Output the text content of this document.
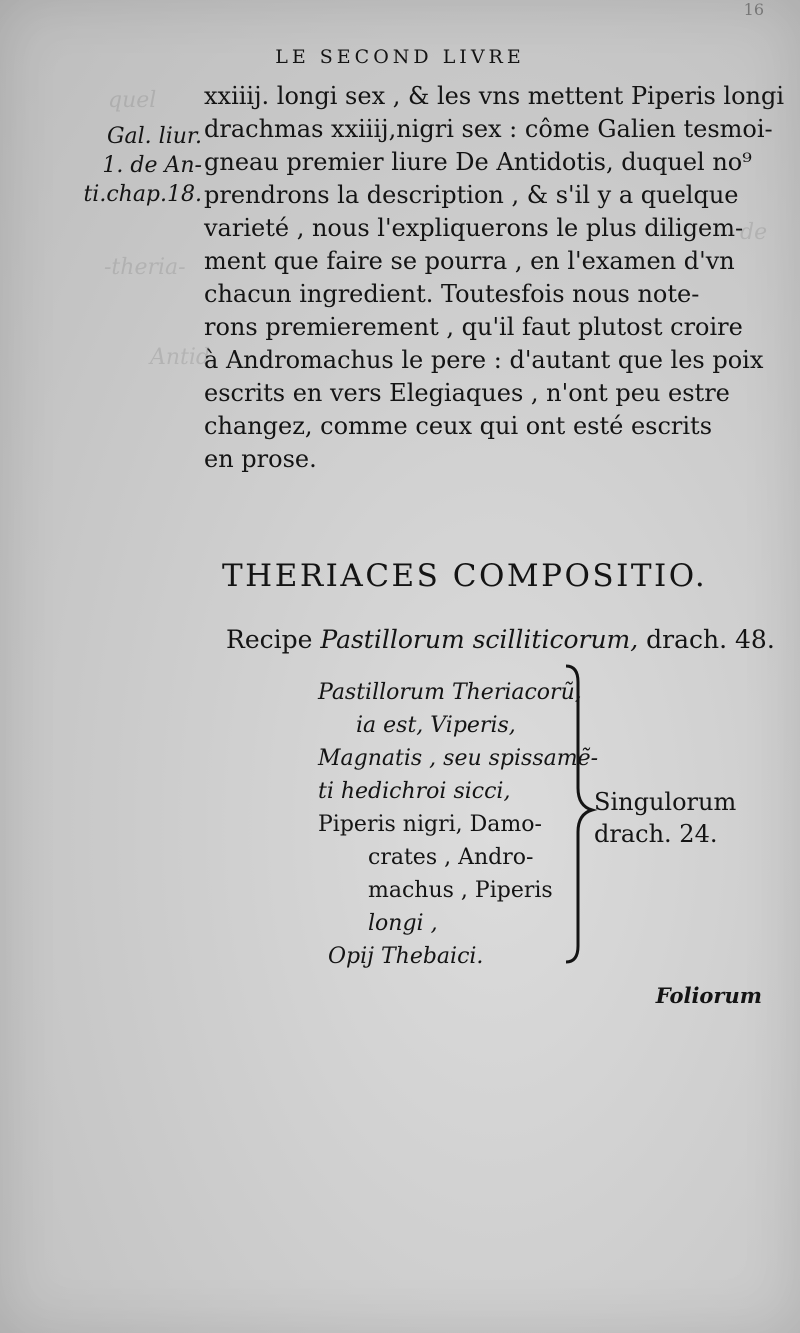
quel
-theria-
Antid.
de
LE SECOND LIVRE
16
Gal. liur.
1. de An-
ti.chap.18.
xxiiij. longi sex , & les vns mettent Piperis longi
drachmas xxiiij,nigri sex : côme Galien tesmoi-
gneau premier liure De Antidotis, duquel no⁹
prendrons la description , & s'il y a quelque
varieté , nous l'expliquerons le plus diligem-
ment que faire se pourra , en l'examen d'vn
chacun ingredient. Toutesfois nous note-
rons premierement , qu'il faut plutost croire
à Andromachus le pere : d'autant que les poix
escrits en vers Elegiaques , n'ont peu estre
changez, comme ceux qui ont esté escrits
en prose.
THERIACES COMPOSITIO.
Recipe Pastillorum scilliticorum, drach. 48.
Pastillorum Theriacorũ,
ia est, Viperis,
Magnatis , seu spissamẽ-
ti hedichroi sicci,
Piperis nigri, Damo-
crates , Andro-
machus , Piperis
longi ,
Opij Thebaici.
Singulorum
drach. 24.
Foliorum
